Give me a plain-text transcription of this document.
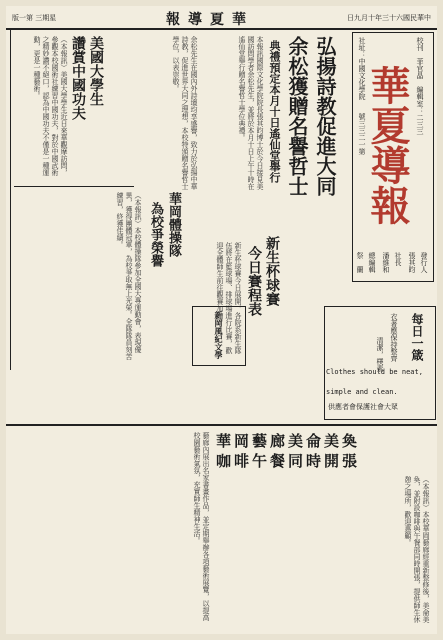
版一第 三期星	報導夏華	日九月十年三十六國民華中
校刊　菲官晶　編輯室：二三三
社址：中國文化學院
華夏導報
號三三二一第
發行人
張其昀
社長
潘維和
總編輯
祭　蘭
弘揚詩教促進大同
余松獲贈名譽哲士
典禮預定本月十日遙仙堂舉行
本報訊國際文化學院院長張其昀博士於今日接見美國訪問學者余松先生，並將於本月十日上午十時在遙仙堂舉行贈名譽哲士學位典禮。
余松先生在國內外詩壇均享盛譽，致力於弘揚中華詩教，促進世界大同之理想，本校特頒贈名譽哲士學位，以表崇敬。
美國大學生
讚賞中國功夫
（本報訊）美國大學學生近日來華觀摩訪問，參觀本校國術社練習中國功夫，對於中國武術之精妙讚不絕口，認為中國功夫不僅是一種運動，更是一種藝術。
華岡體操隊
為校爭榮譽
（本報訊）本校體操隊參加全國大專運動會，表現優異，獲得團體冠軍，為校爭取無上光榮。全隊隊員刻苦練習，終獲佳績。
新生杯球賽
今日賽程表
新生杯球賽今日展開，各院系新生隊伍將在籃球場、排球場進行比賽，歡迎全體師生前往觀賽加油。
新岡風紀文學	每日一箴
衣著應保持整齊
清潔，樸素
Clothes should be neat,
simple and clean.
供應者會保護社會大眾
華岡藝廊美侖美奐
咖啡午餐同時開張
（本報訊）本校華岡藝廊經重新整修後，美侖美奐，並附設咖啡與午餐部同時開張，提供師生休憩之場所，歡迎惠顧。
藝廊內展出名家書畫作品，並定期舉辦各項藝術展覽，以提高校園藝術氣氛，充實師生精神生活。
